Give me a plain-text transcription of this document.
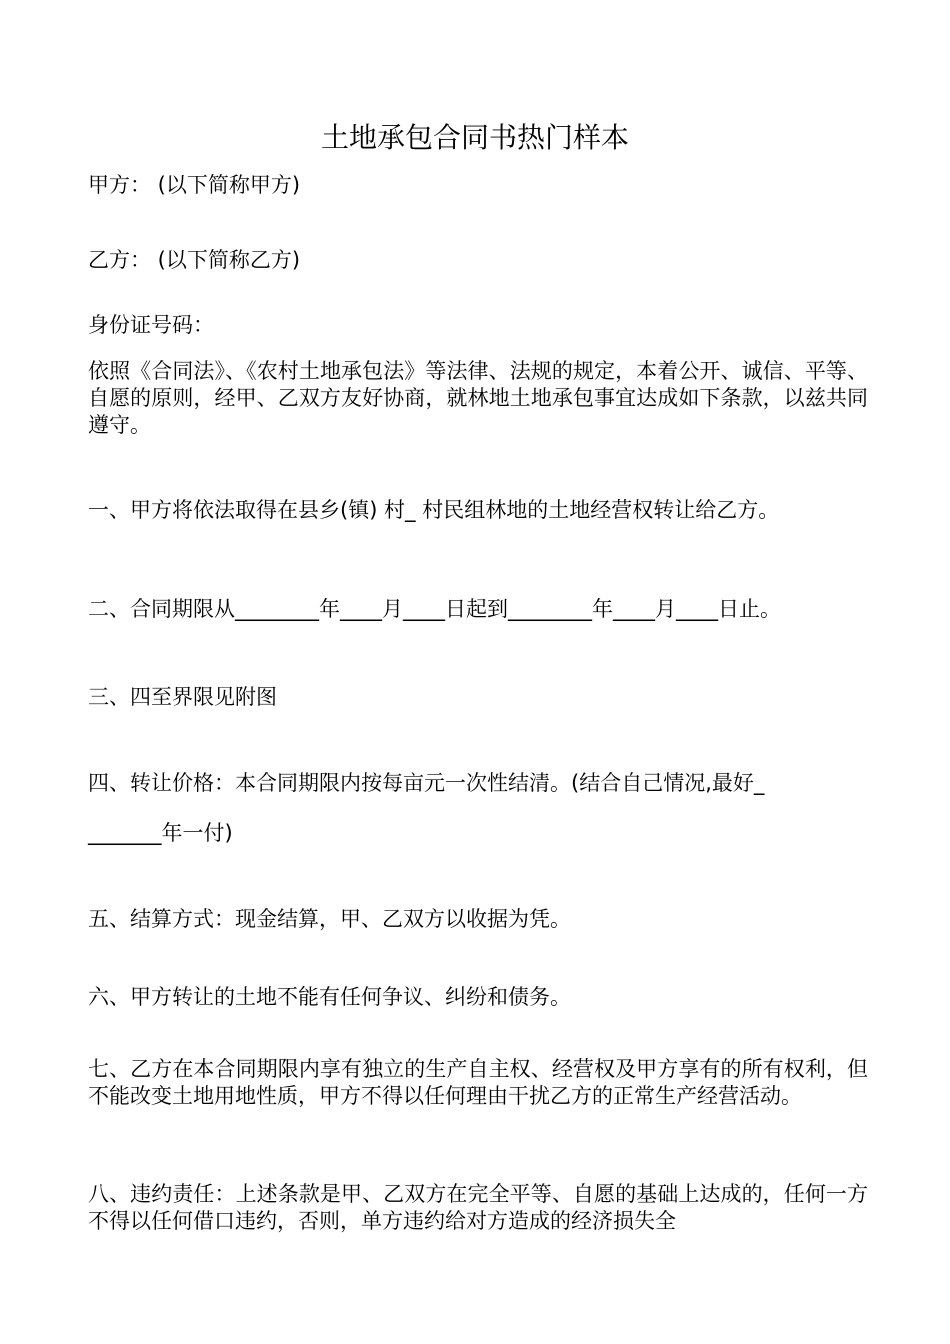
土地承包合同书热门样本

甲方： (以下简称甲方)

乙方： (以下简称乙方)

身份证号码：

依照《合同法》、《农村土地承包法》等法律、法规的规定，本着公开、诚信、平等、自愿的原则，经甲、乙双方友好协商，就林地土地承包事宜达成如下条款，以兹共同遵守。

一、甲方将依法取得在县乡(镇) 村_ 村民组林地的土地经营权转让给乙方。

二、合同期限从________年____月____日起到________年____月____日止。

三、四至界限见附图

四、转让价格：本合同期限内按每亩元一次性结清。(结合自己情况,最好_

_______年一付)

五、结算方式：现金结算，甲、乙双方以收据为凭。

六、甲方转让的土地不能有任何争议、纠纷和债务。

七、乙方在本合同期限内享有独立的生产自主权、经营权及甲方享有的所有权利，但不能改变土地用地性质，甲方不得以任何理由干扰乙方的正常生产经营活动。

八、违约责任：上述条款是甲、乙双方在完全平等、自愿的基础上达成的，任何一方不得以任何借口违约，否则，单方违约给对方造成的经济损失全
